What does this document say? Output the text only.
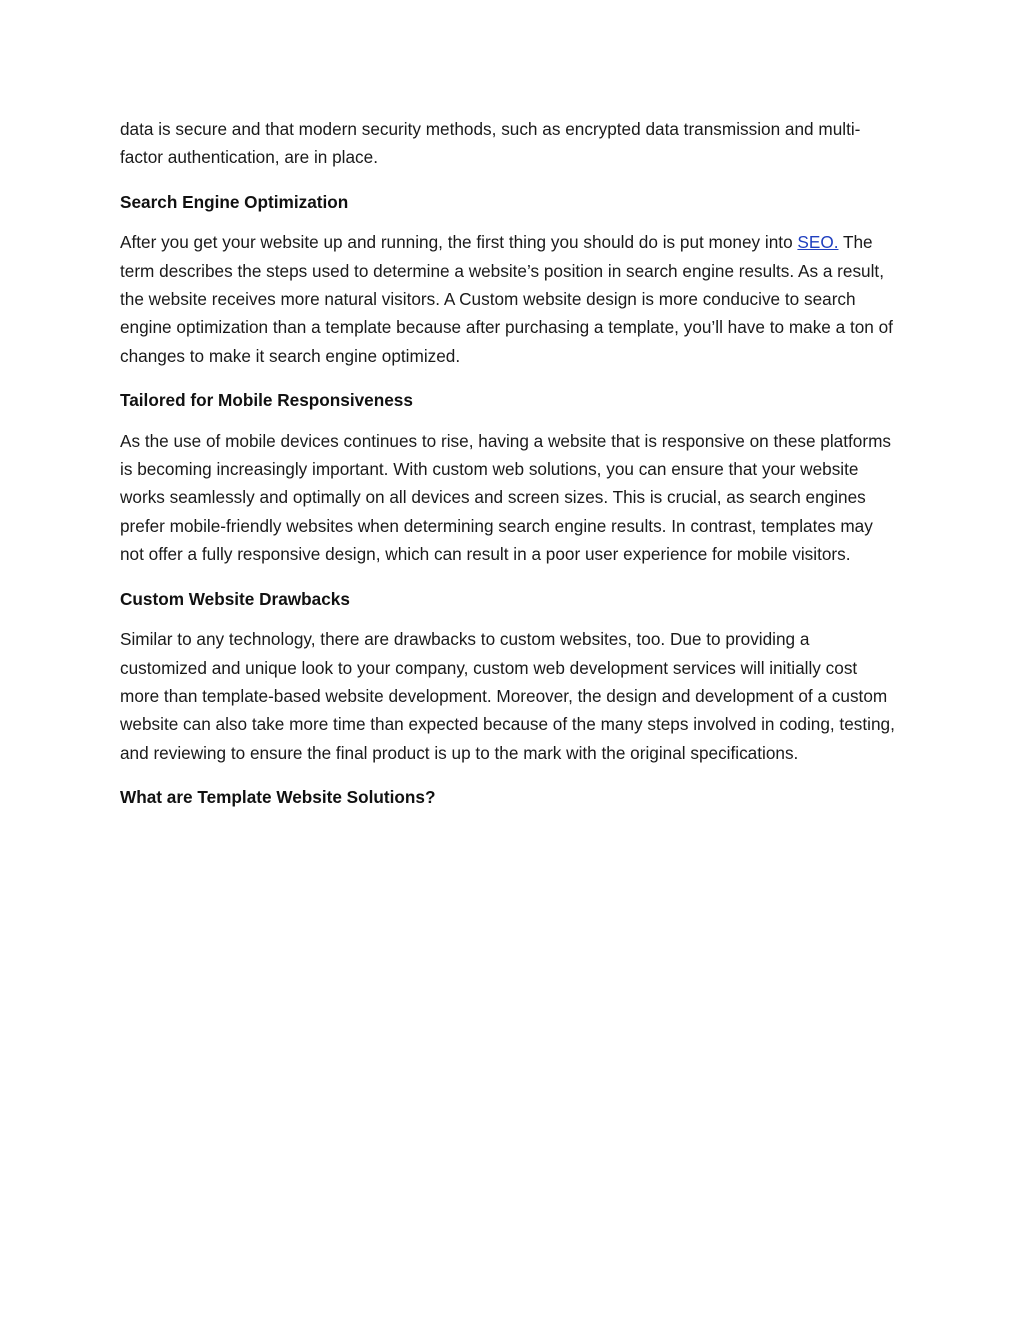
data is secure and that modern security methods, such as encrypted data transmission and multi-factor authentication, are in place.

Search Engine Optimization

After you get your website up and running, the first thing you should do is put money into SEO. The term describes the steps used to determine a website’s position in search engine results. As a result, the website receives more natural visitors. A Custom website design is more conducive to search engine optimization than a template because after purchasing a template, you’ll have to make a ton of changes to make it search engine optimized.

Tailored for Mobile Responsiveness

As the use of mobile devices continues to rise, having a website that is responsive on these platforms is becoming increasingly important. With custom web solutions, you can ensure that your website works seamlessly and optimally on all devices and screen sizes. This is crucial, as search engines prefer mobile-friendly websites when determining search engine results. In contrast, templates may not offer a fully responsive design, which can result in a poor user experience for mobile visitors.

Custom Website Drawbacks

Similar to any technology, there are drawbacks to custom websites, too. Due to providing a customized and unique look to your company, custom web development services will initially cost more than template-based website development. Moreover, the design and development of a custom website can also take more time than expected because of the many steps involved in coding, testing, and reviewing to ensure the final product is up to the mark with the original specifications.

What are Template Website Solutions?
